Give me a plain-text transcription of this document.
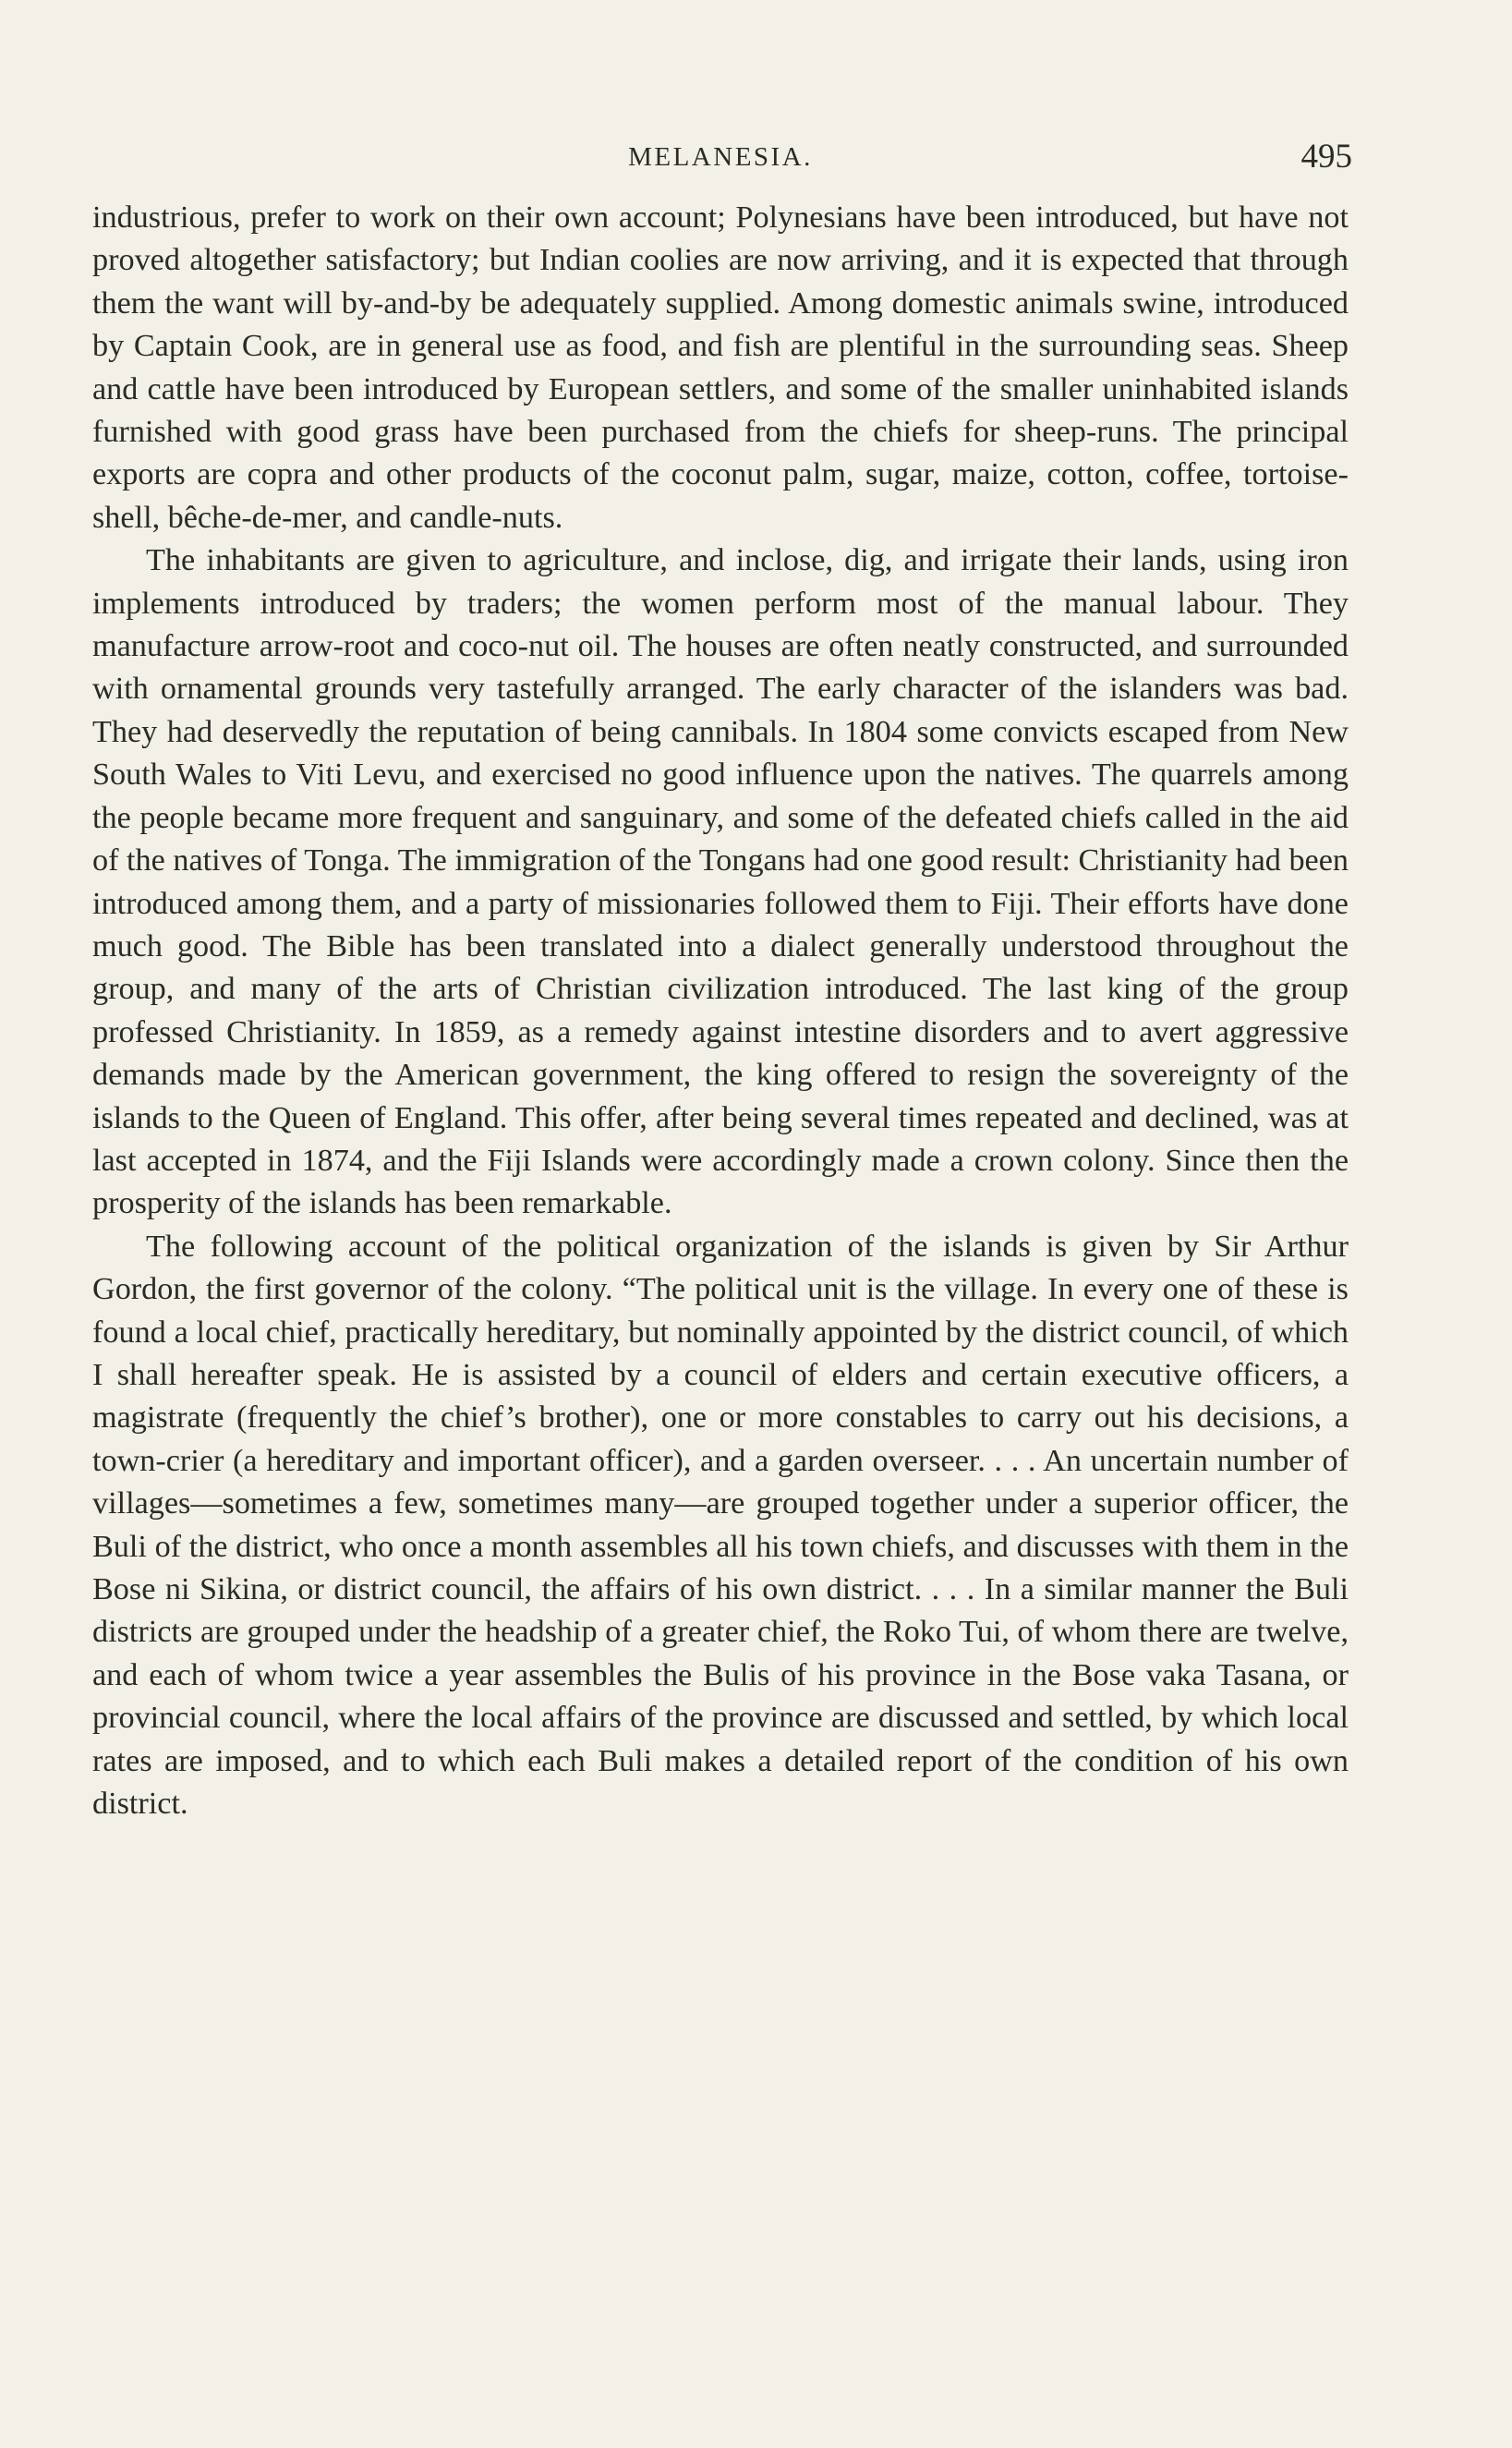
MELANESIA.	495

industrious, prefer to work on their own account; Polynesians have been introduced, but have not proved altogether satisfactory; but Indian coolies are now arriving, and it is expected that through them the want will by-and-by be adequately supplied. Among domestic animals swine, introduced by Captain Cook, are in general use as food, and fish are plentiful in the surrounding seas. Sheep and cattle have been introduced by European settlers, and some of the smaller uninhabited islands furnished with good grass have been purchased from the chiefs for sheep-runs. The principal exports are copra and other products of the coconut palm, sugar, maize, cotton, coffee, tortoise-shell, bêche-de-mer, and candle-nuts.

The inhabitants are given to agriculture, and inclose, dig, and irrigate their lands, using iron implements introduced by traders; the women perform most of the manual labour. They manufacture arrow-root and coco-nut oil. The houses are often neatly constructed, and surrounded with ornamental grounds very tastefully arranged. The early character of the islanders was bad. They had deservedly the reputation of being cannibals. In 1804 some convicts escaped from New South Wales to Viti Levu, and exercised no good influence upon the natives. The quarrels among the people became more frequent and sanguinary, and some of the defeated chiefs called in the aid of the natives of Tonga. The immigration of the Tongans had one good result: Christianity had been introduced among them, and a party of missionaries followed them to Fiji. Their efforts have done much good. The Bible has been translated into a dialect generally understood throughout the group, and many of the arts of Christian civilization introduced. The last king of the group professed Christianity. In 1859, as a remedy against intestine disorders and to avert aggressive demands made by the American government, the king offered to resign the sovereignty of the islands to the Queen of England. This offer, after being several times repeated and declined, was at last accepted in 1874, and the Fiji Islands were accordingly made a crown colony. Since then the prosperity of the islands has been remarkable.

The following account of the political organization of the islands is given by Sir Arthur Gordon, the first governor of the colony. “The political unit is the village. In every one of these is found a local chief, practically hereditary, but nominally appointed by the district council, of which I shall hereafter speak. He is assisted by a council of elders and certain executive officers, a magistrate (frequently the chief’s brother), one or more constables to carry out his decisions, a town-crier (a hereditary and important officer), and a garden overseer. . . . An uncertain number of villages—sometimes a few, sometimes many—are grouped together under a superior officer, the Buli of the district, who once a month assembles all his town chiefs, and discusses with them in the Bose ni Sikina, or district council, the affairs of his own district. . . . In a similar manner the Buli districts are grouped under the headship of a greater chief, the Roko Tui, of whom there are twelve, and each of whom twice a year assembles the Bulis of his province in the Bose vaka Tasana, or provincial council, where the local affairs of the province are discussed and settled, by which local rates are imposed, and to which each Buli makes a detailed report of the condition of his own district.
